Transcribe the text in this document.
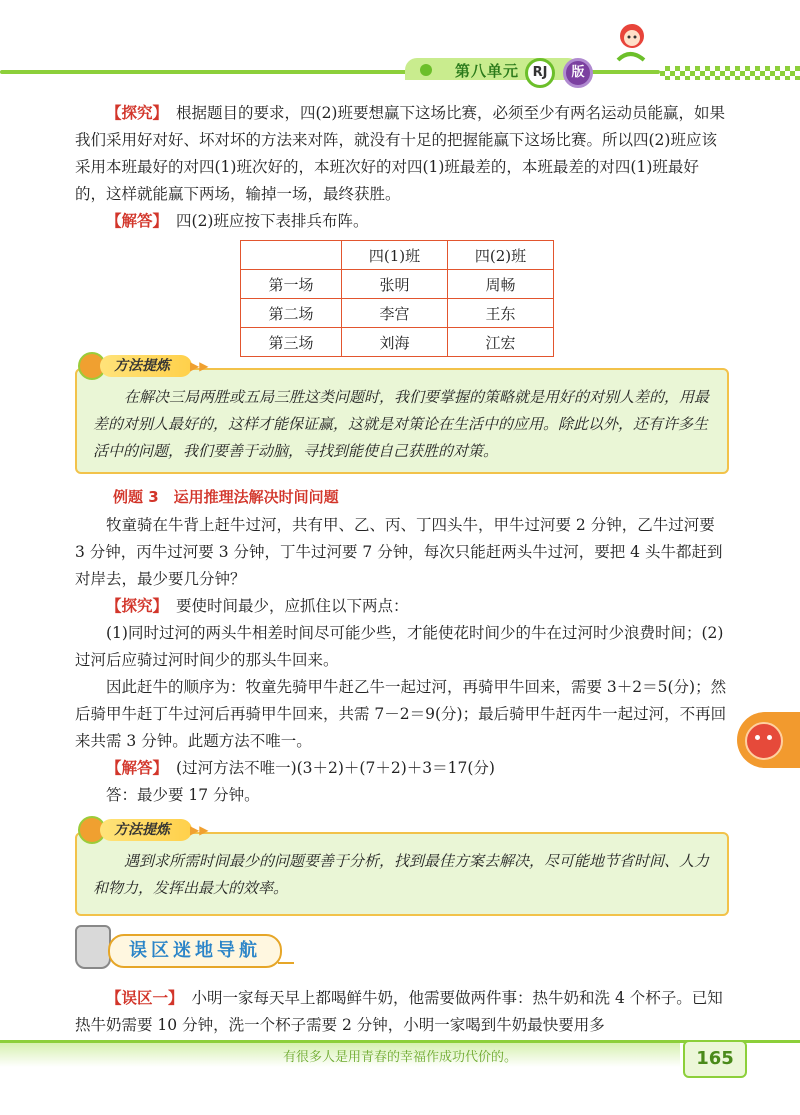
第八单元	RJ	版
【探究】 根据题目的要求，四(2)班要想赢下这场比赛，必须至少有两名运动员能赢，如果我们采用好对好、坏对坏的方法来对阵，就没有十足的把握能赢下这场比赛。所以四(2)班应该采用本班最好的对四(1)班次好的，本班次好的对四(1)班最差的，本班最差的对四(1)班最好的，这样就能赢下两场，输掉一场，最终获胜。
【解答】 四(2)班应按下表排兵布阵。
	四(1)班	四(2)班
第一场	张明	周畅
第二场	李宫	王东
第三场	刘海	江宏
在解决三局两胜或五局三胜这类问题时，我们要掌握的策略就是用好的对别人差的，用最差的对别人最好的，这样才能保证赢，这就是对策论在生活中的应用。除此以外，还有许多生活中的问题，我们要善于动脑，寻找到能使自己获胜的对策。
方法提炼	▶▶
例题 3　运用推理法解决时间问题
牧童骑在牛背上赶牛过河，共有甲、乙、丙、丁四头牛，甲牛过河要 2 分钟，乙牛过河要 3 分钟，丙牛过河要 3 分钟，丁牛过河要 7 分钟，每次只能赶两头牛过河，要把 4 头牛都赶到对岸去，最少要几分钟？
【探究】 要使时间最少，应抓住以下两点：
(1)同时过河的两头牛相差时间尽可能少些，才能使花时间少的牛在过河时少浪费时间；(2)过河后应骑过河时间少的那头牛回来。
因此赶牛的顺序为：牧童先骑甲牛赶乙牛一起过河，再骑甲牛回来，需要 3＋2＝5(分)；然后骑甲牛赶丁牛过河后再骑甲牛回来，共需 7－2＝9(分)；最后骑甲牛赶丙牛一起过河，不再回来共需 3 分钟。此题方法不唯一。
【解答】 (过河方法不唯一)(3＋2)＋(7＋2)＋3＝17(分)
答：最少要 17 分钟。
遇到求所需时间最少的问题要善于分析，找到最佳方案去解决，尽可能地节省时间、人力和物力，发挥出最大的效率。
方法提炼	▶▶
误区迷地导航
【误区一】 小明一家每天早上都喝鲜牛奶，他需要做两件事：热牛奶和洗 4 个杯子。已知热牛奶需要 10 分钟，洗一个杯子需要 2 分钟，小明一家喝到牛奶最快要用多
有很多人是用青春的幸福作成功代价的。	165
